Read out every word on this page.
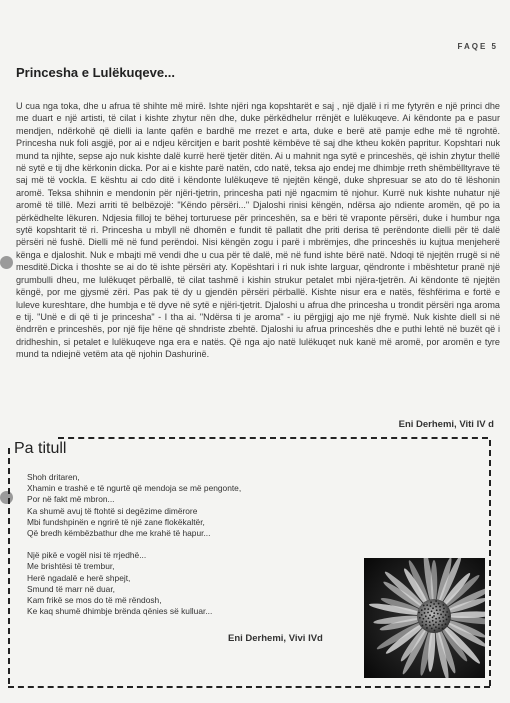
FAQE 5
Princesha e Lulëkuqeve...

U cua nga toka, dhe u afrua të shihte më mirë. Ishte njëri nga kopshtarët e saj , një djalë i ri me fytyrën e një princi dhe me duart e një artisti, të cilat i kishte zhytur nën dhe, duke përkëdhelur rrënjët e lulëkuqeve. Ai këndonte pa e pasur mendjen, ndërkohë që dielli ia lante qafën e bardhë me rrezet e arta, duke e berë atë pamje edhe më të ngrohtë. Princesha nuk foli asgjë, por ai e ndjeu kërcitjen e barit poshtë këmbëve të saj dhe ktheu kokën papritur. Kopshtari nuk mund ta njihte, sepse ajo nuk kishte dalë kurrë herë tjetër ditën. Ai u mahnit nga sytë e princeshës, që ishin zhytur thellë në sytë e tij dhe kërkonin dicka. Por ai e kishte parë natën, cdo natë, teksa ajo endej me dhimbje rreth shëmbëlltyrave të saj më të vockla. E kështu ai cdo ditë i këndonte lulëkuqeve të njejtën këngë, duke shpresuar se ato do të lëshonin aromë. Teksa shihnin e mendonin për njëri-tjetrin, princesha pati një ngacmim të njohur. Kurrë nuk kishte nuhatur një aromë të tillë. Mezi arriti të belbëzojë: "Këndo përsëri..." Djaloshi rinisi këngën, ndërsa ajo ndiente aromën, që po ia përkëdhelte lëkuren. Ndjesia filloj te bëhej torturuese për princeshën, sa e bëri të vraponte përsëri, duke i humbur nga sytë kopshtarit të ri. Princesha u mbyll në dhomën e fundit të pallatit dhe priti derisa të perëndonte dielli për të dalë përsëri në fushë. Dielli më në fund perëndoi. Nisi këngën zogu i parë i mbrëmjes, dhe princeshës iu kujtua menjeherë kënga e djaloshit. Nuk e mbajti më vendi dhe u cua për të dalë, më në fund ishte bërë natë. Ndoqi të njejtën rrugë si në mesditë.Dicka i thoshte se ai do të ishte përsëri aty. Kopështari i ri nuk ishte larguar, qëndronte i mbështetur pranë një grumbulli dheu, me lulëkuqet përballë, të cilat tashmë i kishin strukur petalet mbi njëra-tjetrën. Ai këndonte të njejtën këngë, por me gjysmë zëri. Pas pak të dy u gjendën përsëri përballë. Kishte nisur era e natës, fëshfërima e fortë e luleve kureshtare, dhe humbja e të dyve në sytë e njëri-tjetrit. Djaloshi u afrua dhe princesha u trondit përsëri nga aroma e tij. "Unë e di që ti je princesha" - I tha ai. "Ndërsa ti je aroma" - iu përgjigj ajo me një frymë. Nuk kishte diell si në ëndrrën e princeshës, por një fije hëne që shndriste zbehtë. Djaloshi iu afrua princeshës dhe e puthi lehtë në buzët që i dridheshin, si petalet e lulëkuqeve nga era e natës. Që nga ajo natë lulëkuqet nuk kanë më aromë, por aromën e tyre mund ta ndiejnë vetëm ata që njohin Dashurinë.

Eni Derhemi, Viti IV d
Pa titull
Shoh dritaren,
Xhamin e trashë e të ngurtë që mendoja se më pengonte,
Por në fakt më mbron...
Ka shumë avuj të ftohtë si degëzime dimërore
Mbi fundshpinën e ngrirë të një zane flokëkaltër,
Që bredh këmbëzbathur dhe me krahë të hapur...
Një pikë e vogël nisi të rrjedhë...
Me brishtësi të trembur,
Herë ngadalë e herë shpejt,
Smund të marr në duar,
Kam frikë se mos do të më rëndosh,
Ke kaq shumë dhimbje brënda qënies së kulluar...
Eni Derhemi, Vivi IVd
